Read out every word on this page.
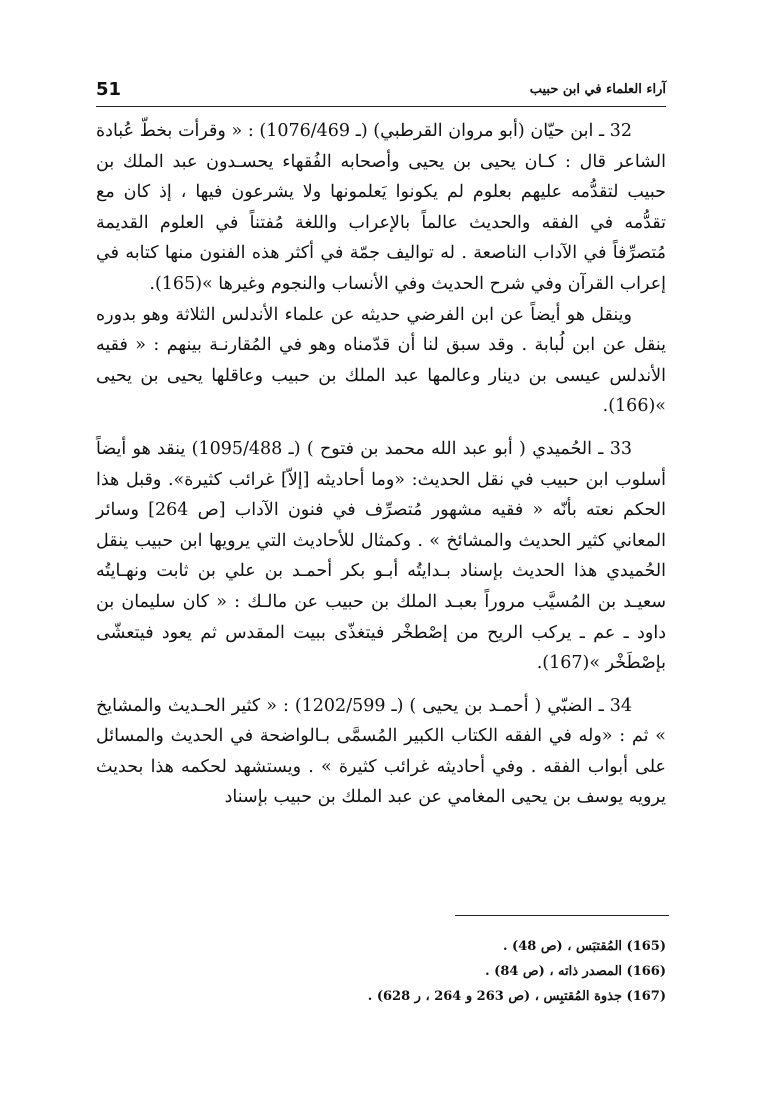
51	آراء العلماء في ابن حبيب

32 ـ ابن حيّان (أبو مروان القرطبي) (ـ 1076/469) : « وقرأت بخطّ عُبادة الشاعر قال : كـان يحيى بن يحيى وأصحابه الفُقهاء يحسـدون عبد الملك بن حبيب لتقدُّمه عليهم بعلوم لم يكونوا يَعلمونها ولا يشرعون فيها ، إذ كان مع تقدُّمه في الفقه والحديث عالماً بالإعراب واللغة مُفتناً في العلوم القديمة مُتصرِّفاً في الآداب الناصعة . له تواليف جمّة في أكثر هذه الفنون منها كتابه في إعراب القرآن وفي شرح الحديث وفي الأنساب والنجوم وغيرها »(165).

وينقل هو أيضاً عن ابن الفرضي حديثه عن علماء الأندلس الثلاثة وهو بدوره ينقل عن ابن لُبابة . وقد سبق لنا أن قدّمناه وهو في المُقارنـة بينهم : « فقيه الأندلس عيسى بن دينار وعالمها عبد الملك بن حبيب وعاقلها يحيى بن يحيى »(166).

33 ـ الحُميدي ( أبو عبد الله محمد بن فتوح ) (ـ 1095/488) ينقد هو أيضاً أسلوب ابن حبيب في نقل الحديث: «وما أحاديثه [إلاّ] غرائب كثيرة». وقبل هذا الحكم نعته بأنّه « فقيه مشهور مُتصرِّف في فنون الآداب [ص 264] وسائر المعاني كثير الحديث والمشائخ » . وكمثال للأحاديث التي يرويها ابن حبيب ينقل الحُميدي هذا الحديث بإسناد بـدايتُه أبـو بكر أحمـد بن علي بن ثابت ونهـايتُه سعيـد بن المُسيَّب مروراً بعبـد الملك بن حبيب عن مالـك : « كان سليمان بن داود ـ عم ـ يركب الريح من إصْطخْر فيتغذّى ببيت المقدس ثم يعود فيتعشّى بإصْطَخْر »(167).

34 ـ الضبّي ( أحمـد بن يحيى ) (ـ 1202/599) : « كثير الحـديث والمشايخ » ثم : «وله في الفقه الكتاب الكبير المُسمَّى بـالواضحة في الحديث والمسائل على أبواب الفقه . وفي أحاديثه غرائب كثيرة » . ويستشهد لحكمه هذا بحديث يرويه يوسف بن يحيى المغامي عن عبد الملك بن حبيب بإسناد

(165) المُقتبَس ، (ص 48) .
(166) المصدر ذاته ، (ص 84) .
(167) جذوة المُقتبِس ، (ص 263 و 264 ، ر 628) .
